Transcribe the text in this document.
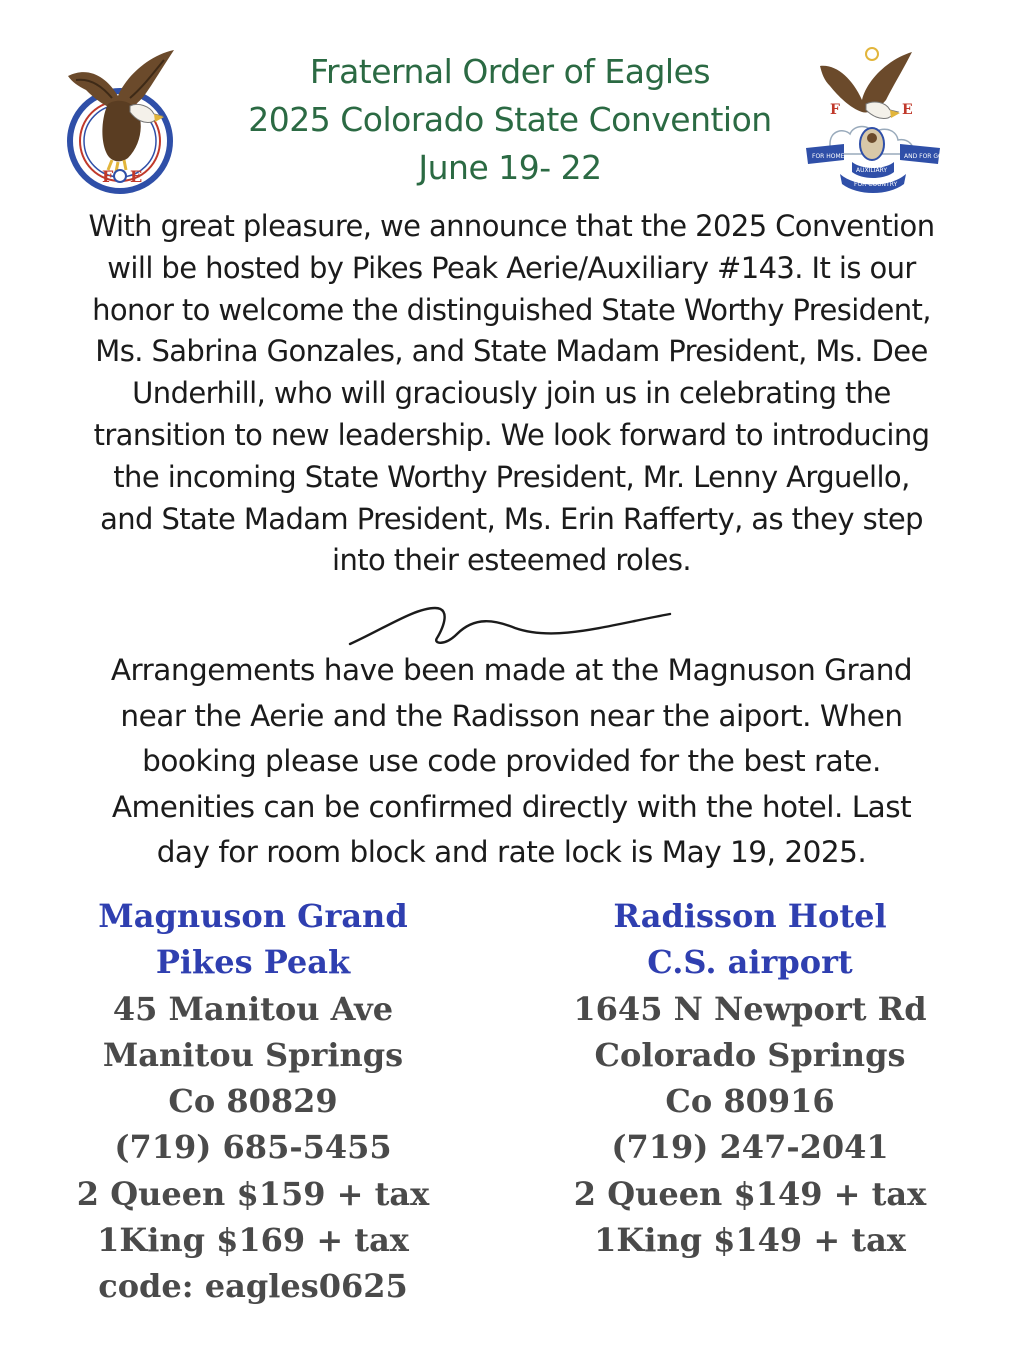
F E
Fraternal Order of Eagles
2025 Colorado State Convention
June 19- 22
F	E
FOR HOME
AUXILIARY
AND FOR GOD
FOR COUNTRY
With great pleasure, we announce that the 2025 Convention
will be hosted by Pikes Peak Aerie/Auxiliary #143. It is our
honor to welcome the distinguished State Worthy President,
Ms. Sabrina Gonzales, and State Madam President, Ms. Dee
Underhill, who will graciously join us in celebrating the
transition to new leadership. We look forward to introducing
the incoming State Worthy President, Mr. Lenny Arguello,
and State Madam President, Ms. Erin Rafferty, as they step
into their esteemed roles.
Arrangements have been made at the Magnuson Grand
near the Aerie and the Radisson near the aiport. When
booking please use code provided for the best rate.
Amenities can be confirmed directly with the hotel. Last
day for room block and rate lock is May 19, 2025.
Magnuson Grand
Pikes Peak
45 Manitou Ave
Manitou Springs
Co 80829
(719) 685-5455
2 Queen $159 + tax
1King $169 + tax
code: eagles0625
Radisson Hotel
C.S. airport
1645 N Newport Rd
Colorado Springs
Co 80916
(719) 247-2041
2 Queen $149 + tax
1King $149 + tax
